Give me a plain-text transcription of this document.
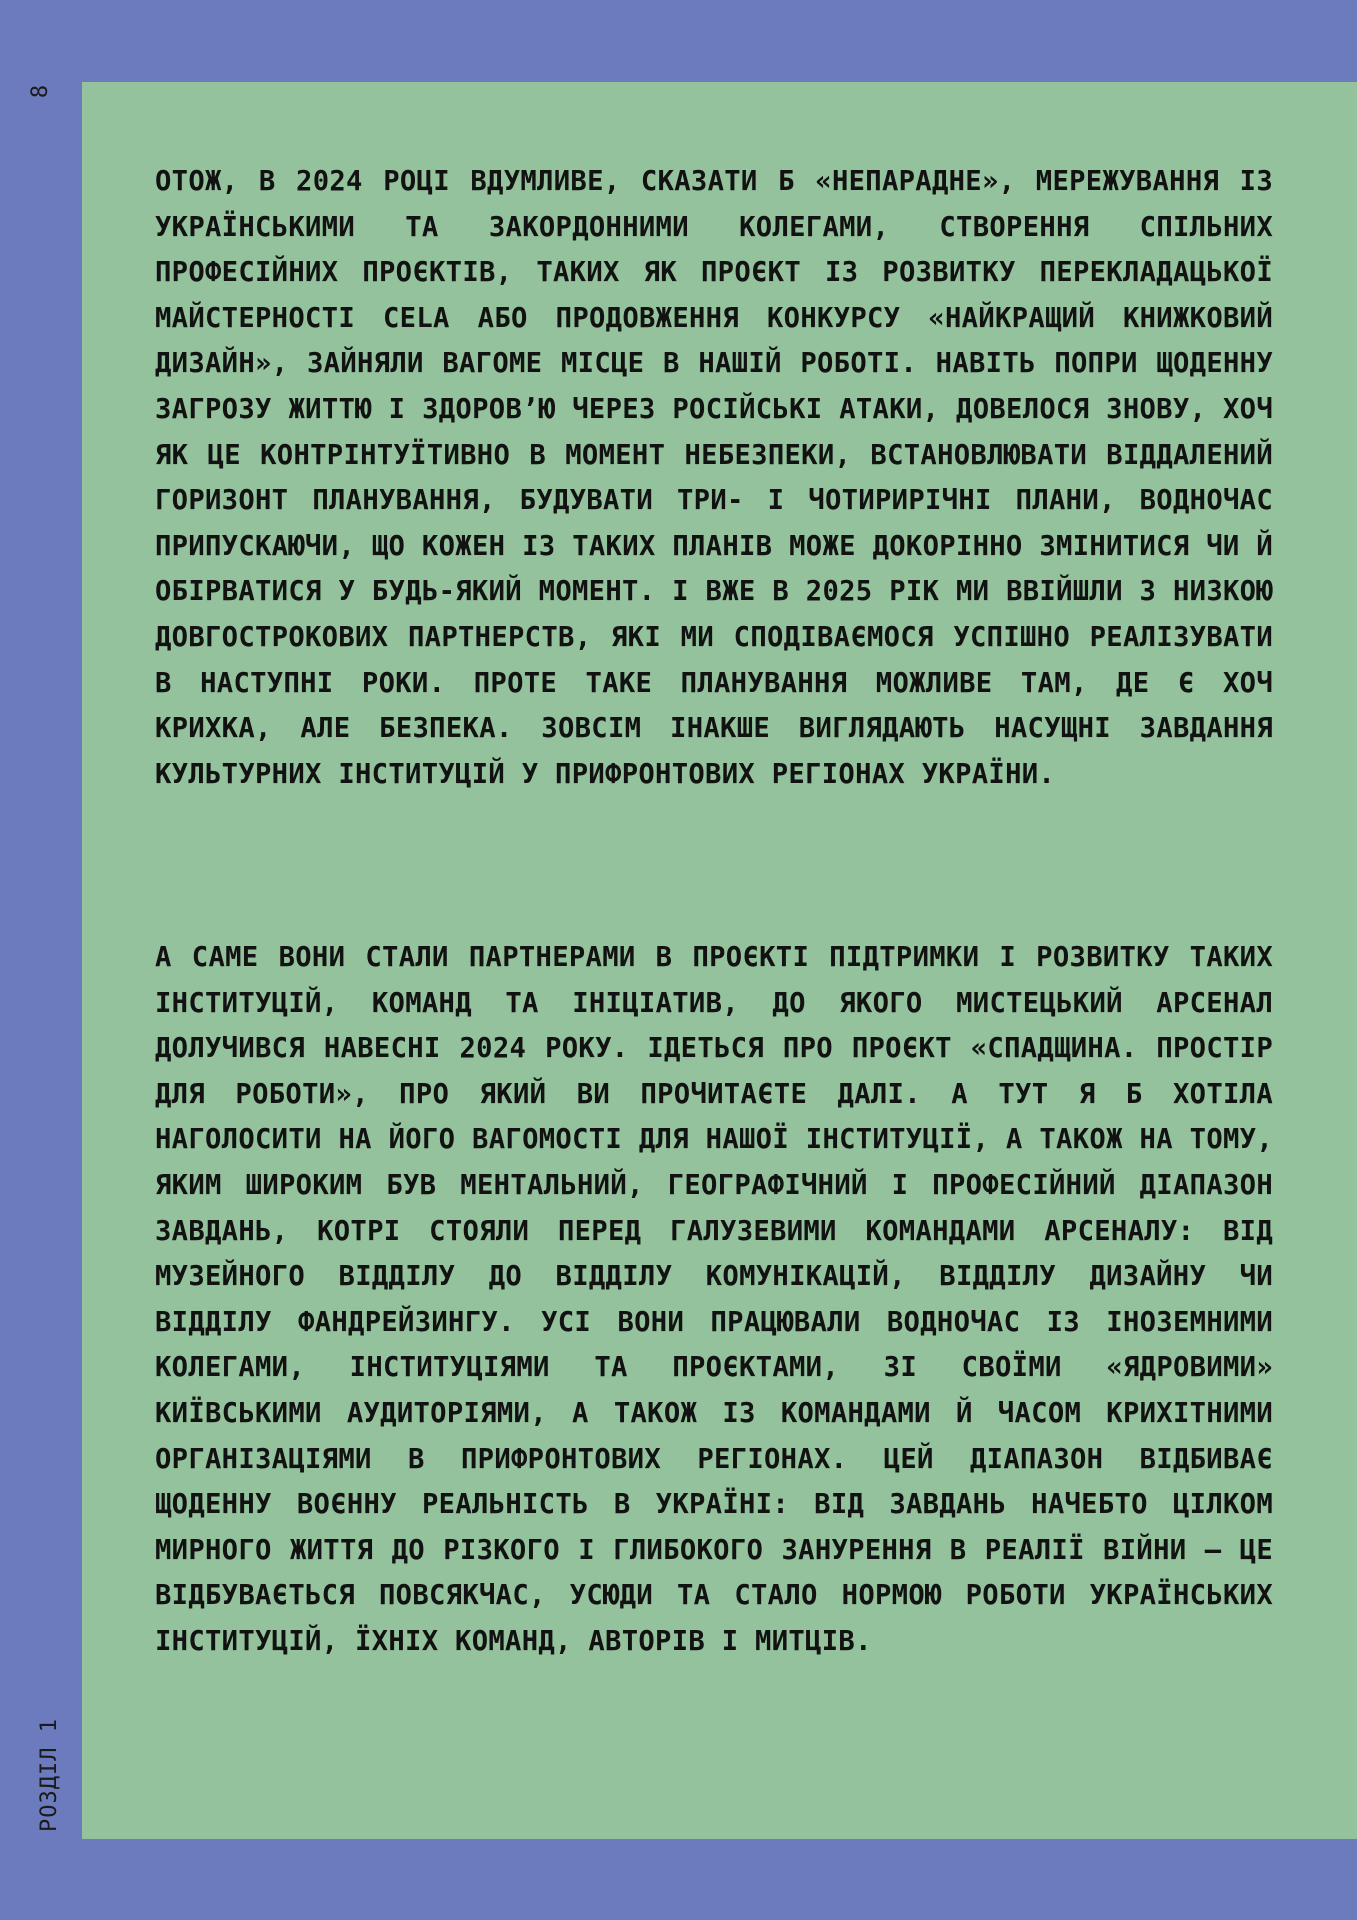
8
РОЗДІЛ 1

ОТОЖ, В 2024 РОЦІ ВДУМЛИВЕ, СКАЗАТИ Б «НЕПАРАДНЕ», МЕРЕЖУВАННЯ ІЗ УКРАЇНСЬКИМИ ТА ЗАКОРДОННИМИ КОЛЕГАМИ, СТВОРЕННЯ СПІЛЬНИХ ПРОФЕСІЙНИХ ПРОЄКТІВ, ТАКИХ ЯК ПРОЄКТ ІЗ РОЗВИТКУ ПЕРЕКЛАДАЦЬКОЇ МАЙСТЕРНОСТІ CELA АБО ПРОДОВЖЕННЯ КОНКУРСУ «НАЙКРАЩИЙ КНИЖКОВИЙ ДИЗАЙН», ЗАЙНЯЛИ ВАГОМЕ МІСЦЕ В НАШІЙ РОБОТІ. НАВІТЬ ПОПРИ ЩОДЕННУ ЗАГРОЗУ ЖИТТЮ І ЗДОРОВʼЮ ЧЕРЕЗ РОСІЙСЬКІ АТАКИ, ДОВЕЛОСЯ ЗНОВУ, ХОЧ ЯК ЦЕ КОНТРІНТУЇТИВНО В МОМЕНТ НЕБЕЗПЕКИ, ВСТАНОВЛЮВАТИ ВІДДАЛЕНИЙ ГОРИЗОНТ ПЛАНУВАННЯ, БУДУВАТИ ТРИ- І ЧОТИРИРІЧНІ ПЛАНИ, ВОДНОЧАС ПРИПУСКАЮЧИ, ЩО КОЖЕН ІЗ ТАКИХ ПЛАНІВ МОЖЕ ДОКОРІННО ЗМІНИТИСЯ ЧИ Й ОБІРВАТИСЯ У БУДЬ-ЯКИЙ МОМЕНТ. І ВЖЕ В 2025 РІК МИ ВВІЙШЛИ З НИЗКОЮ ДОВГОСТРОКОВИХ ПАРТНЕРСТВ, ЯКІ МИ СПОДІВАЄМОСЯ УСПІШНО РЕАЛІЗУВАТИ В НАСТУПНІ РОКИ. ПРОТЕ ТАКЕ ПЛАНУВАННЯ МОЖЛИВЕ ТАМ, ДЕ Є ХОЧ КРИХКА, АЛЕ БЕЗПЕКА. ЗОВСІМ ІНАКШЕ ВИГЛЯДАЮТЬ НАСУЩНІ ЗАВДАННЯ КУЛЬТУРНИХ ІНСТИТУЦІЙ У ПРИФРОНТОВИХ РЕГІОНАХ УКРАЇНИ.

А САМЕ ВОНИ СТАЛИ ПАРТНЕРАМИ В ПРОЄКТІ ПІДТРИМКИ І РОЗВИТКУ ТАКИХ ІНСТИТУЦІЙ, КОМАНД ТА ІНІЦІАТИВ, ДО ЯКОГО МИСТЕЦЬКИЙ АРСЕНАЛ ДОЛУЧИВСЯ НАВЕСНІ 2024 РОКУ. ІДЕТЬСЯ ПРО ПРОЄКТ «СПАДЩИНА. ПРОСТІР ДЛЯ РОБОТИ», ПРО ЯКИЙ ВИ ПРОЧИТАЄТЕ ДАЛІ. А ТУТ Я Б ХОТІЛА НАГОЛОСИТИ НА ЙОГО ВАГОМОСТІ ДЛЯ НАШОЇ ІНСТИТУЦІЇ, А ТАКОЖ НА ТОМУ, ЯКИМ ШИРОКИМ БУВ МЕНТАЛЬНИЙ, ГЕОГРАФІЧНИЙ І ПРОФЕСІЙНИЙ ДІАПАЗОН ЗАВДАНЬ, КОТРІ СТОЯЛИ ПЕРЕД ГАЛУЗЕВИМИ КОМАНДАМИ АРСЕНАЛУ: ВІД МУЗЕЙНОГО ВІДДІЛУ ДО ВІДДІЛУ КОМУНІКАЦІЙ, ВІДДІЛУ ДИЗАЙНУ ЧИ ВІДДІЛУ ФАНДРЕЙЗИНГУ. УСІ ВОНИ ПРАЦЮВАЛИ ВОДНОЧАС ІЗ ІНОЗЕМНИМИ КОЛЕГАМИ, ІНСТИТУЦІЯМИ ТА ПРОЄКТАМИ, ЗІ СВОЇМИ «ЯДРОВИМИ» КИЇВСЬКИМИ АУДИТОРІЯМИ, А ТАКОЖ ІЗ КОМАНДАМИ Й ЧАСОМ КРИХІТНИМИ ОРГАНІЗАЦІЯМИ В ПРИФРОНТОВИХ РЕГІОНАХ. ЦЕЙ ДІАПАЗОН ВІДБИВАЄ ЩОДЕННУ ВОЄННУ РЕАЛЬНІСТЬ В УКРАЇНІ: ВІД ЗАВДАНЬ НАЧЕБТО ЦІЛКОМ МИРНОГО ЖИТТЯ ДО РІЗКОГО І ГЛИБОКОГО ЗАНУРЕННЯ В РЕАЛІЇ ВІЙНИ — ЦЕ ВІДБУВАЄТЬСЯ ПОВСЯКЧАС, УСЮДИ ТА СТАЛО НОРМОЮ РОБОТИ УКРАЇНСЬКИХ ІНСТИТУЦІЙ, ЇХНІХ КОМАНД, АВТОРІВ І МИТЦІВ.
